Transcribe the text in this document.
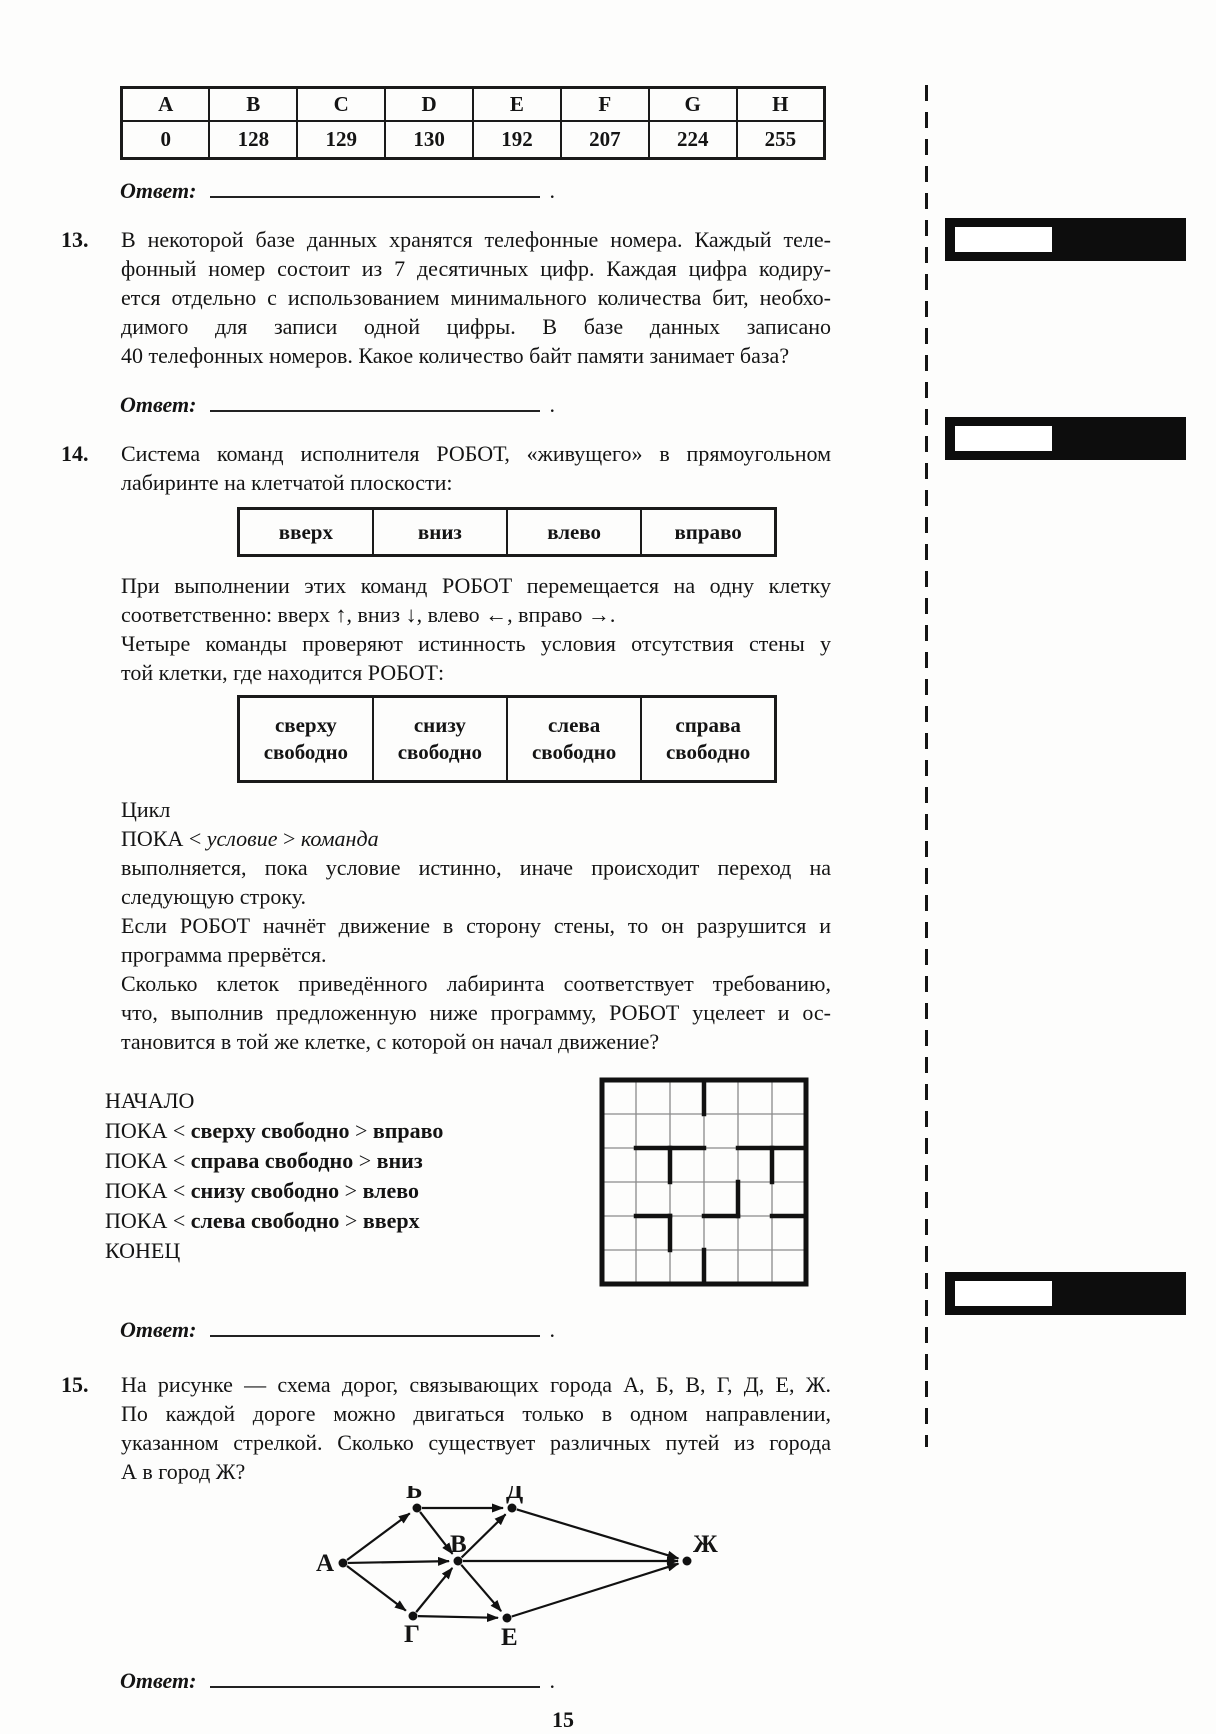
A	B	C	D	E	F	G	H
0	128	129	130	192	207	224	255
Ответ:	.
13.	В некоторой базе данных хранятся телефонные номера. Каждый теле-
фонный номер состоит из 7 десятичных цифр. Каждая цифра кодиру-
ется отдельно с использованием минимального количества бит, необхо-
димого для записи одной цифры. В базе данных записано
40 телефонных номеров. Какое количество байт памяти занимает база?
Ответ:	.
14.	Система команд исполнителя РОБОТ, «живущего» в прямоугольном
лабиринте на клетчатой плоскости:
вверх	вниз	влево	вправо
При выполнении этих команд РОБОТ перемещается на одну клетку
соответственно: вверх ↑, вниз ↓, влево ←, вправо →.
Четыре команды проверяют истинность условия отсутствия стены у
той клетки, где находится РОБОТ:
сверху
свободно

снизу
свободно

слева
свободно

справа
свободно
Цикл
ПОКА < условие > команда
выполняется, пока условие истинно, иначе происходит переход на
следующую строку.
Если РОБОТ начнёт движение в сторону стены, то он разрушится и
программа прервётся.
Сколько клеток приведённого лабиринта соответствует требованию,
что, выполнив предложенную ниже программу, РОБОТ уцелеет и ос-
тановится в той же клетке, с которой он начал движение?
НАЧАЛО
ПОКА < сверху свободно > вправо
ПОКА < справа свободно > вниз
ПОКА < снизу свободно > влево
ПОКА < слева свободно > вверх
КОНЕЦ
Ответ:	.
15.	На рисунке — схема дорог, связывающих города А, Б, В, Г, Д, Е, Ж.
По каждой дороге можно двигаться только в одном направлении,
указанном стрелкой. Сколько существует различных путей из города
А в город Ж?
А
Б
В
Г
Д
Е
Ж
Ответ:	.
15
